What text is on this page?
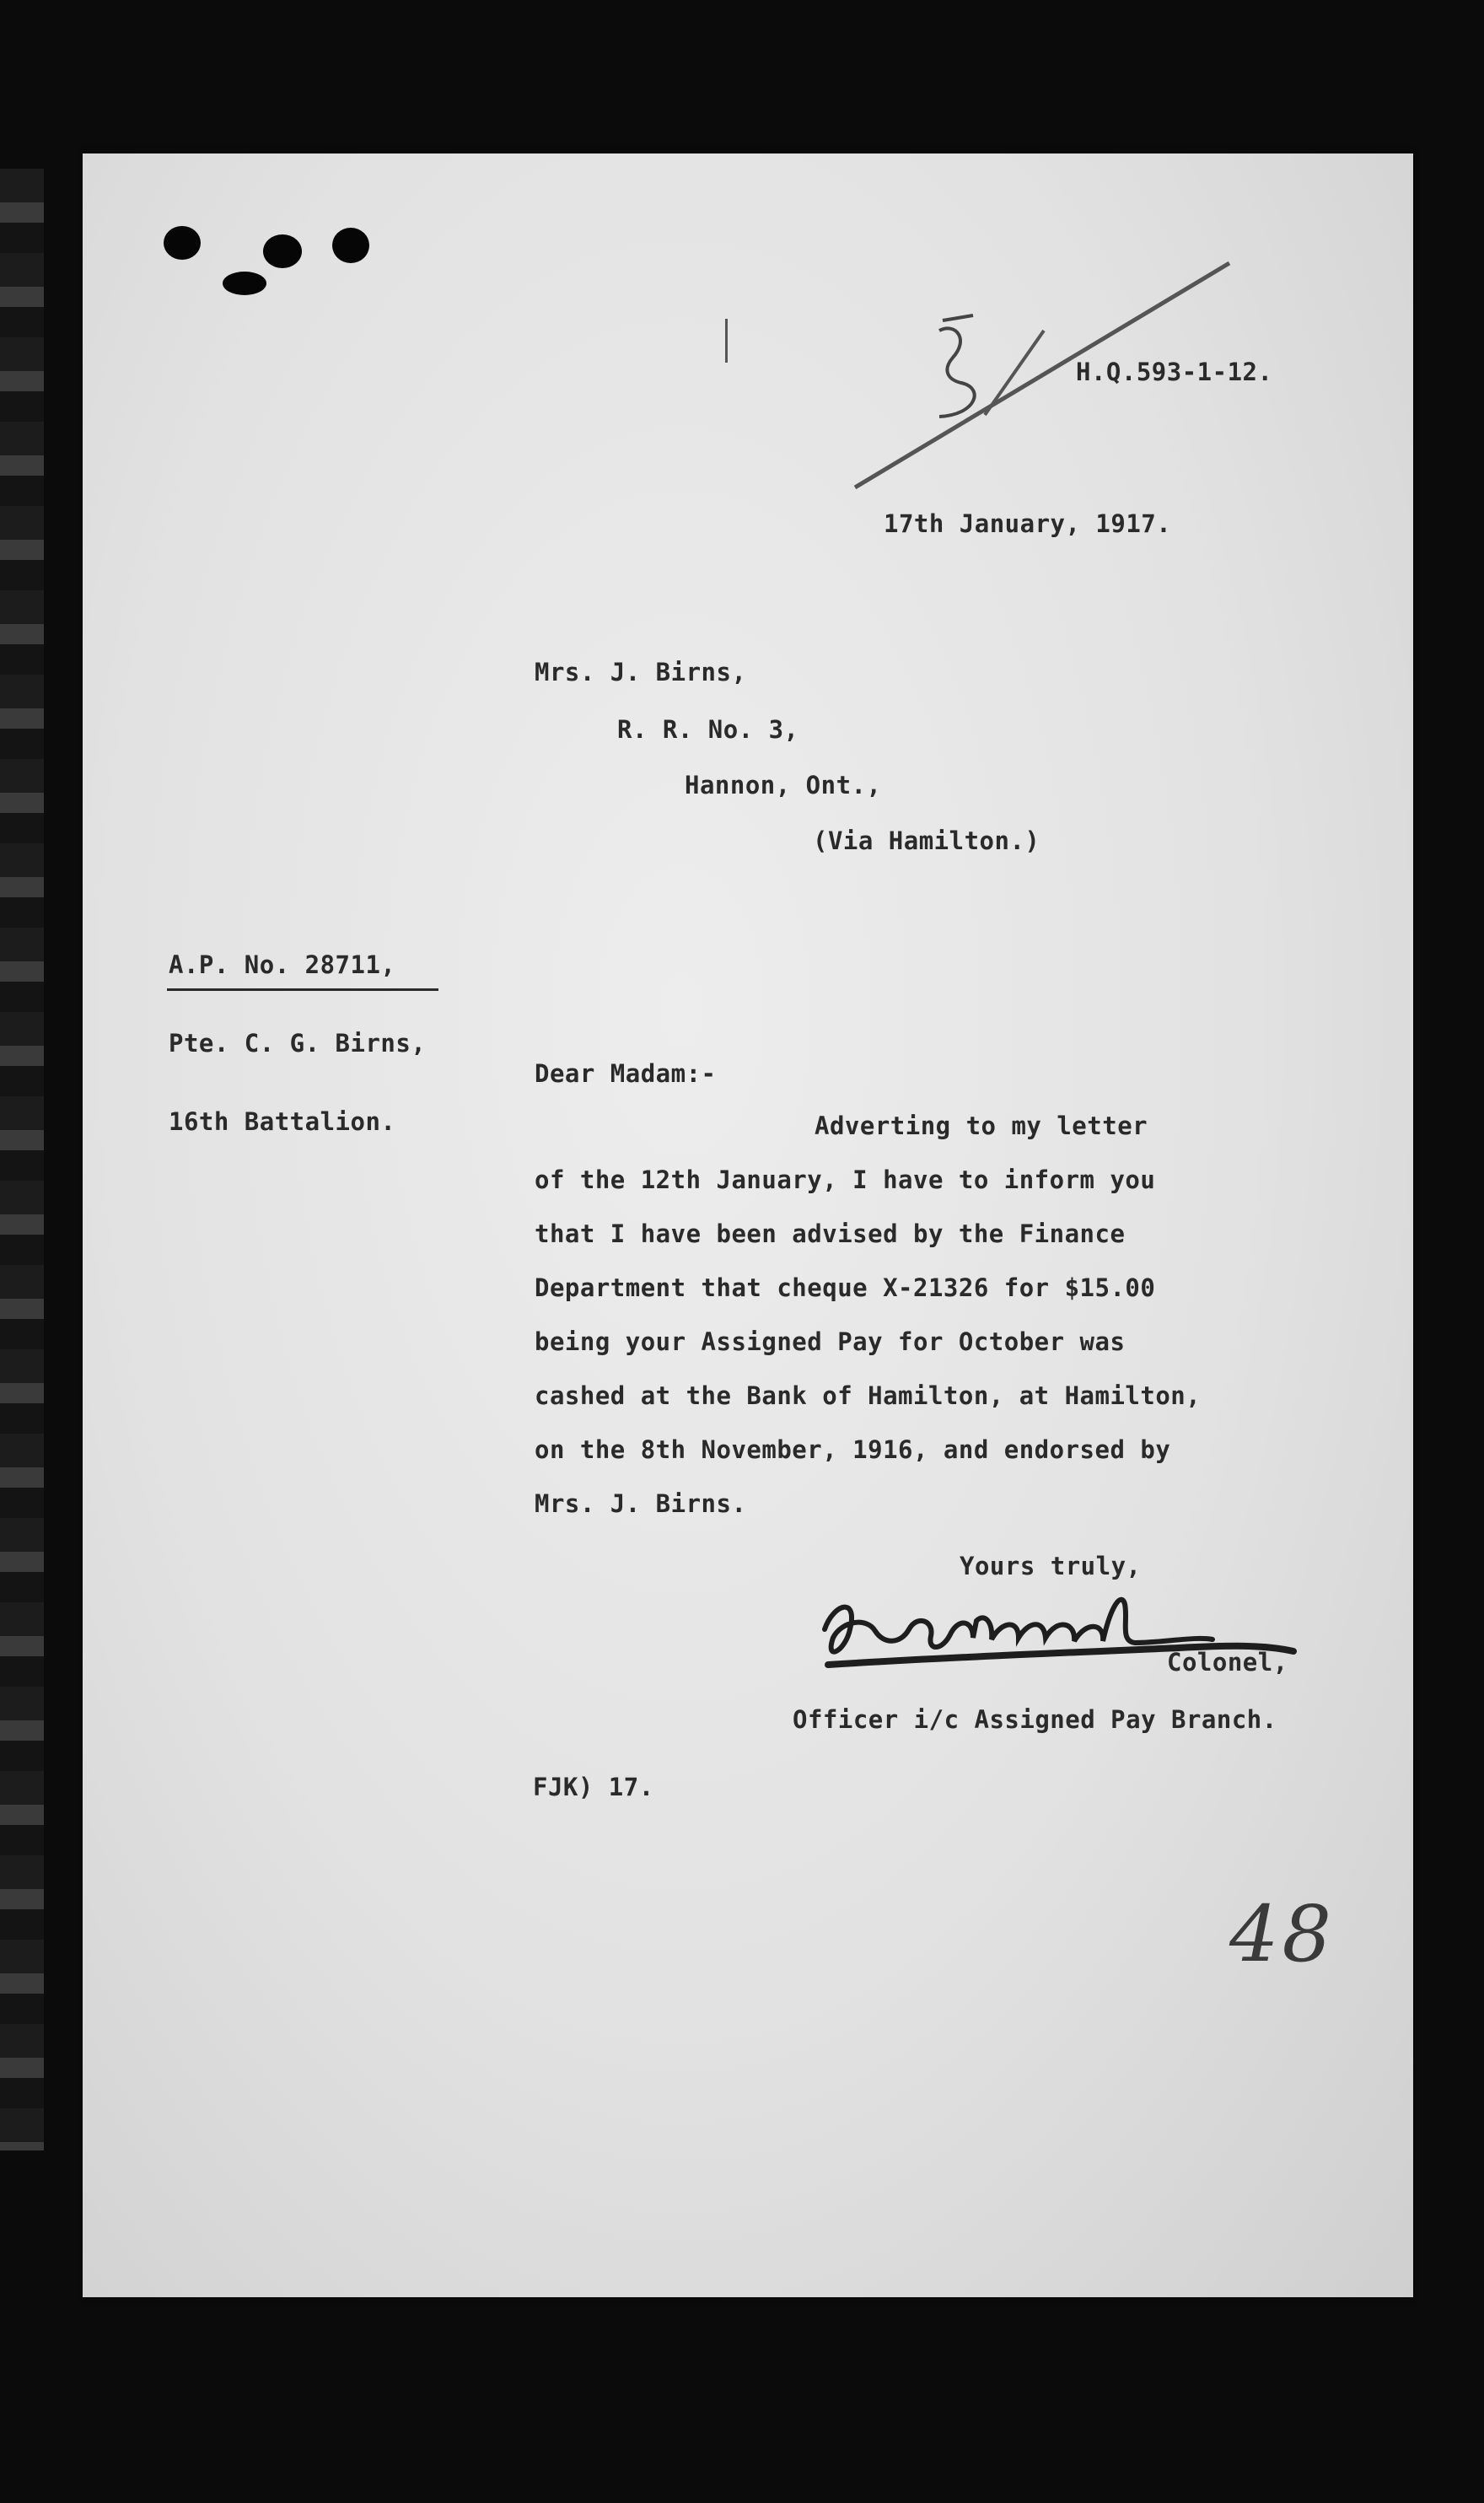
H.Q.593-1-12.

17th January, 1917.

Mrs. J. Birns,

R. R. No. 3,

Hannon, Ont.,

(Via Hamilton.)

A.P. No. 28711,

Pte. C. G. Birns,

16th Battalion.

Dear Madam:-

Adverting to my letter
of the 12th January, I have to inform you
that I have been advised by the Finance
Department that cheque X-21326 for $15.00
being your Assigned Pay for October was
cashed at the Bank of Hamilton, at Hamilton,
on the 8th November, 1916, and endorsed by
Mrs. J. Birns.

Yours truly,

Colonel,

Officer i/c Assigned Pay Branch.

FJK) 17.

48
